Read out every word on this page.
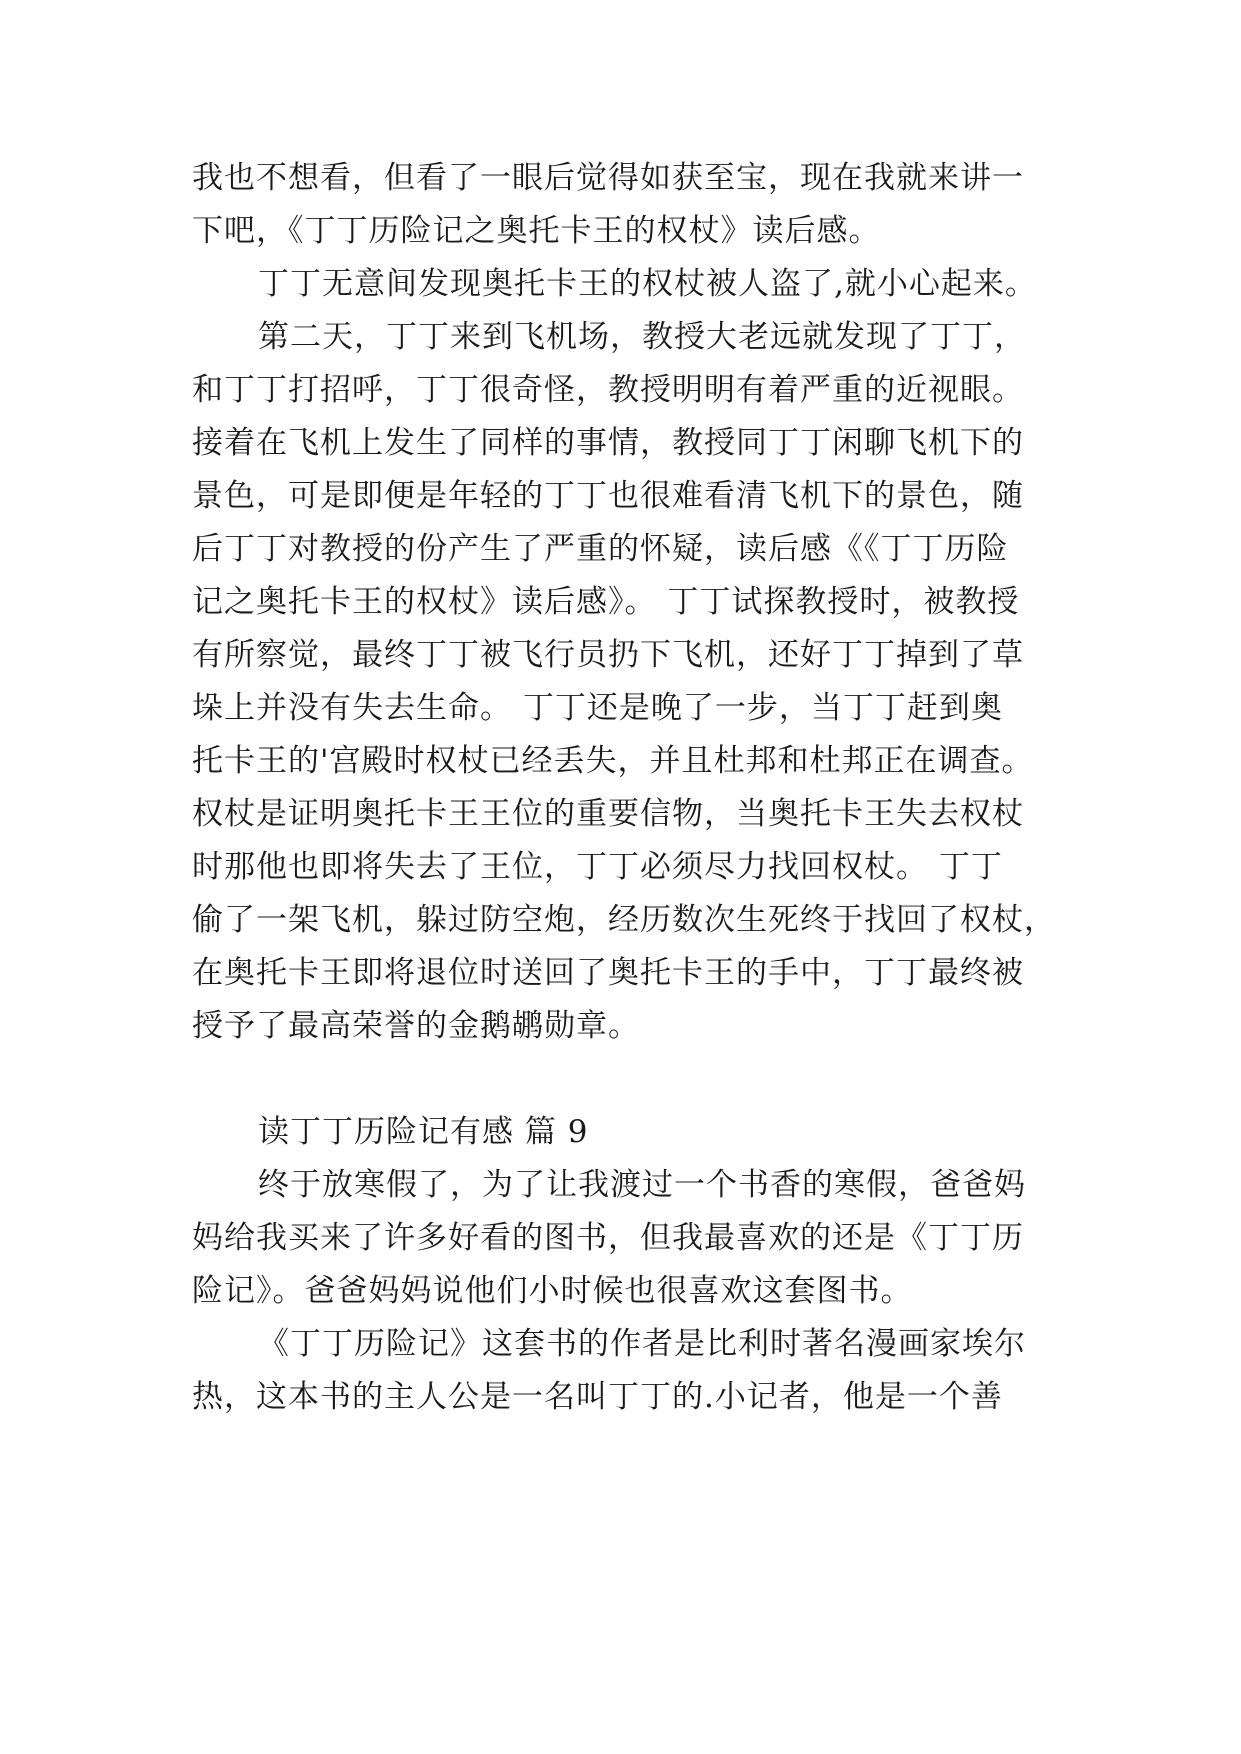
我也不想看，但看了一眼后觉得如获至宝，现在我就来讲一
下吧，《丁丁历险记之奥托卡王的权杖》读后感。
丁丁无意间发现奥托卡王的权杖被人盗了,就小心起来。
第二天，丁丁来到飞机场，教授大老远就发现了丁丁，
和丁丁打招呼，丁丁很奇怪，教授明明有着严重的近视眼。
接着在飞机上发生了同样的事情，教授同丁丁闲聊飞机下的
景色，可是即便是年轻的丁丁也很难看清飞机下的景色，随
后丁丁对教授的份产生了严重的怀疑，读后感《《丁丁历险
记之奥托卡王的权杖》读后感》。 丁丁试探教授时，被教授
有所察觉，最终丁丁被飞行员扔下飞机，还好丁丁掉到了草
垛上并没有失去生命。 丁丁还是晚了一步，当丁丁赶到奥
托卡王的'宫殿时权杖已经丢失，并且杜邦和杜邦正在调查。
权杖是证明奥托卡王王位的重要信物，当奥托卡王失去权杖
时那他也即将失去了王位，丁丁必须尽力找回权杖。 丁丁
偷了一架飞机，躲过防空炮，经历数次生死终于找回了权杖，
在奥托卡王即将退位时送回了奥托卡王的手中，丁丁最终被
授予了最高荣誉的金鹅鹕勋章。
读丁丁历险记有感 篇 9
终于放寒假了，为了让我渡过一个书香的寒假，爸爸妈
妈给我买来了许多好看的图书，但我最喜欢的还是《丁丁历
险记》。爸爸妈妈说他们小时候也很喜欢这套图书。
《丁丁历险记》这套书的作者是比利时著名漫画家埃尔
热，这本书的主人公是一名叫丁丁的.小记者，他是一个善
